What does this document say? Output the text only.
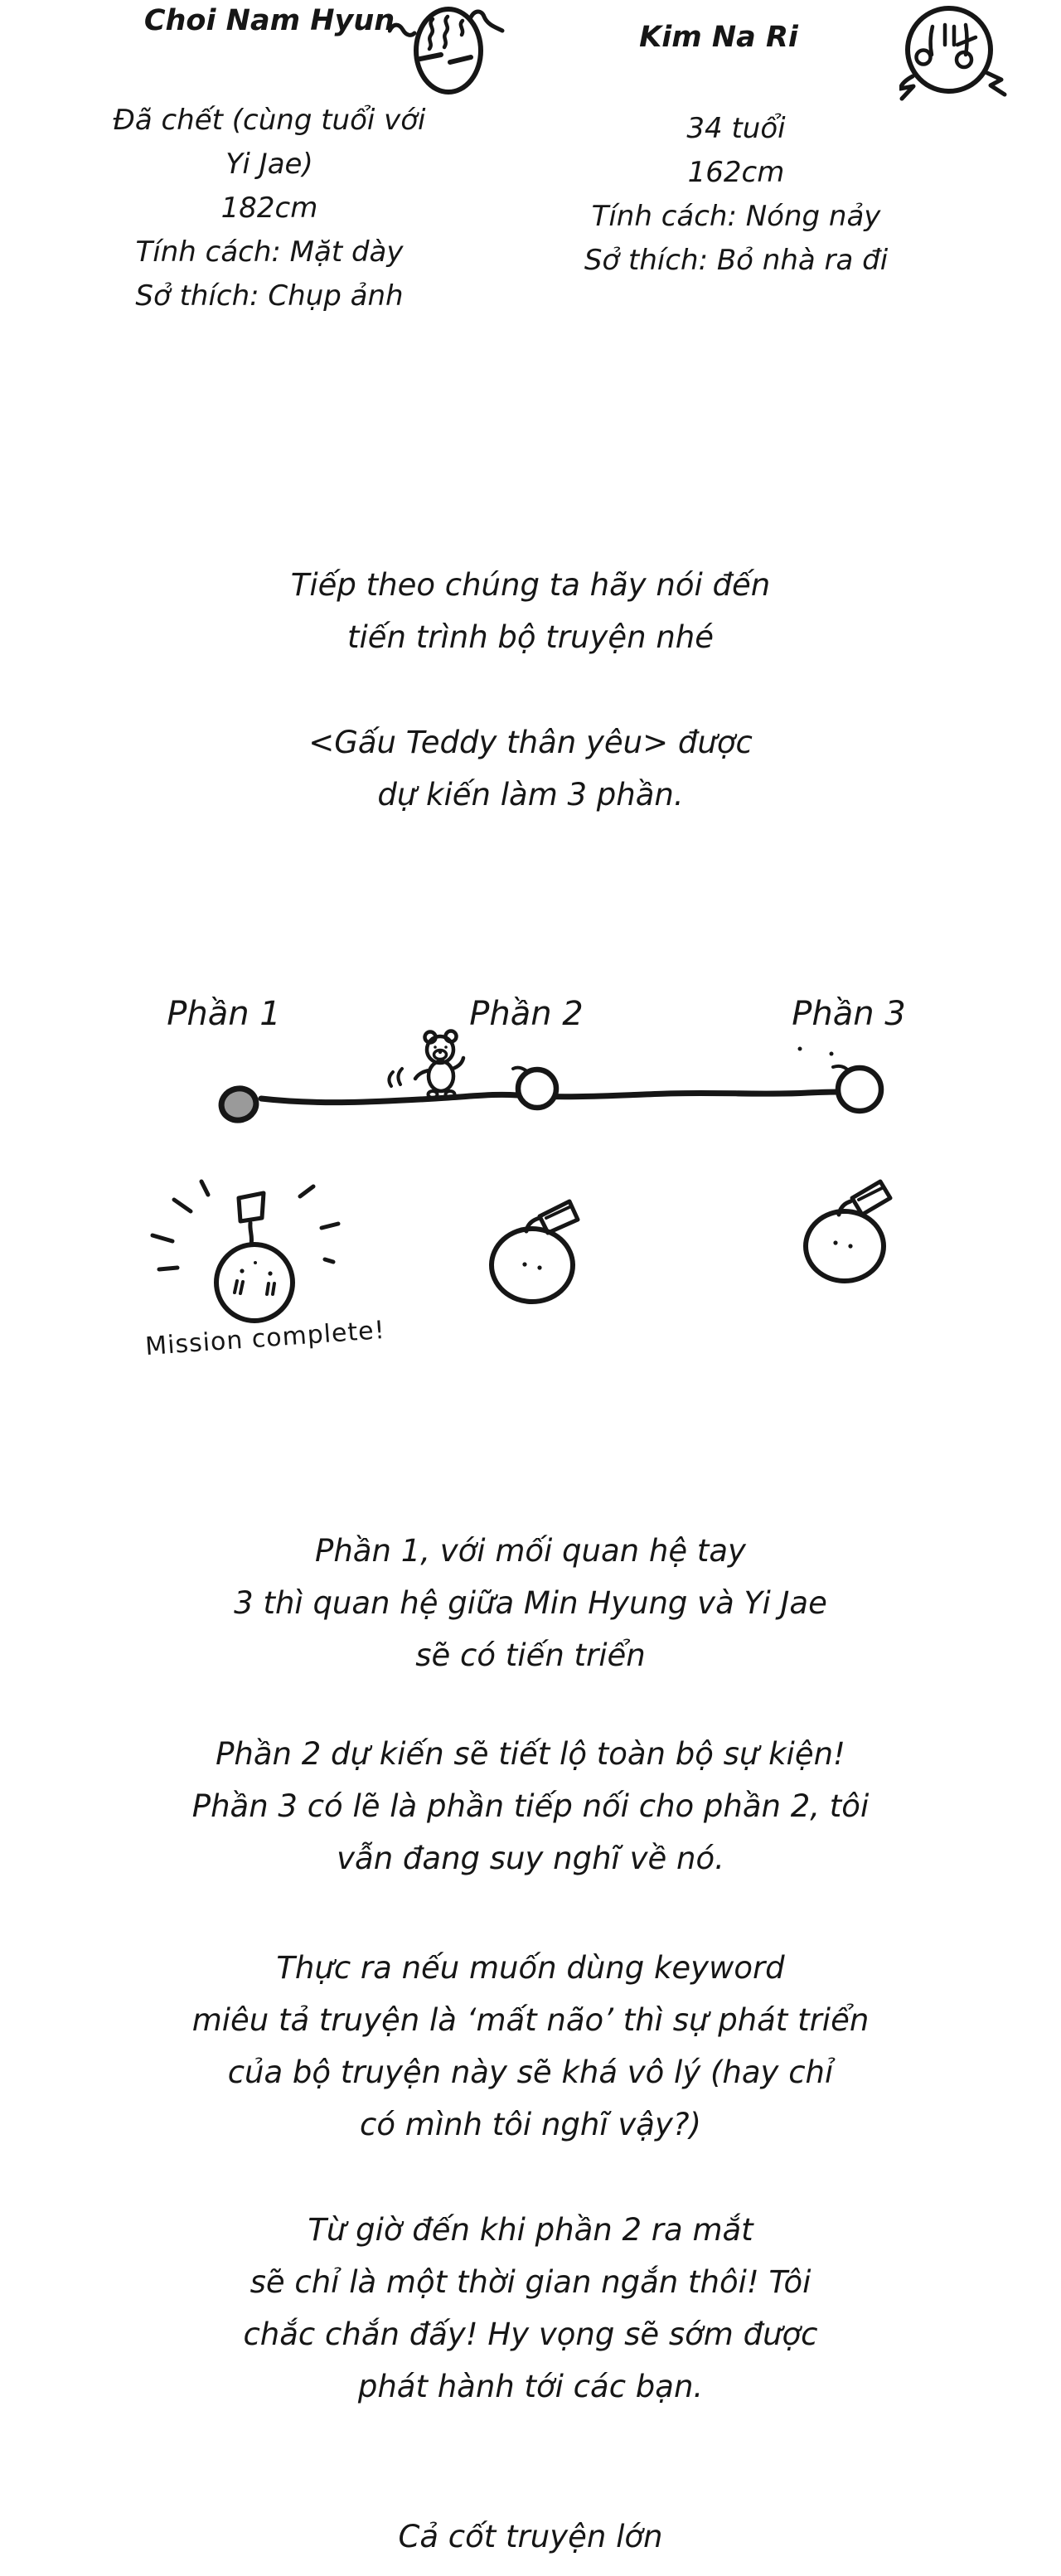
Choi Nam Hyun
Đã chết (cùng tuổi với
Yi Jae)
182cm
Tính cách: Mặt dày
Sở thích: Chụp ảnh
Kim Na Ri
34 tuổi
162cm
Tính cách: Nóng nảy
Sở thích: Bỏ nhà ra đi
Tiếp theo chúng ta hãy nói đến
tiến trình bộ truyện nhé
<Gấu Teddy thân yêu> được
dự kiến làm 3 phần.
Phần 1	Phần 2	Phần 3
Mission complete!
Phần 1, với mối quan hệ tay
3 thì quan hệ giữa Min Hyung và Yi Jae
sẽ có tiến triển
Phần 2 dự kiến sẽ tiết lộ toàn bộ sự kiện!
Phần 3 có lẽ là phần tiếp nối cho phần 2, tôi
vẫn đang suy nghĩ về nó.
Thực ra nếu muốn dùng keyword
miêu tả truyện là ‘mất não’ thì sự phát triển
của bộ truyện này sẽ khá vô lý (hay chỉ
có mình tôi nghĩ vậy?)
Từ giờ đến khi phần 2 ra mắt
sẽ chỉ là một thời gian ngắn thôi! Tôi
chắc chắn đấy! Hy vọng sẽ sớm được
phát hành tới các bạn.
Cả cốt truyện lớn
